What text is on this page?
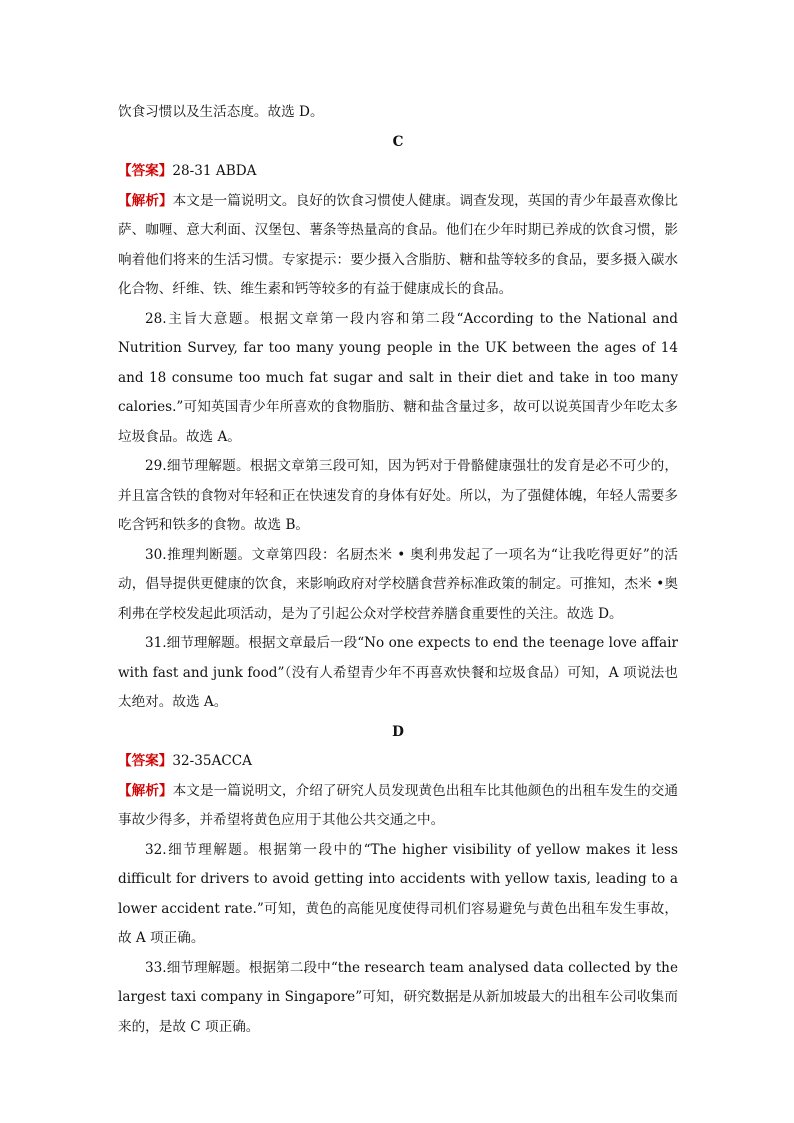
饮食习惯以及生活态度。故选 D。

C

【答案】28-31 ABDA

【解析】本文是一篇说明文。良好的饮食习惯使人健康。调查发现，英国的青少年最喜欢像比萨、咖喱、意大利面、汉堡包、薯条等热量高的食品。他们在少年时期已养成的饮食习惯，影响着他们将来的生活习惯。专家提示：要少摄入含脂肪、糖和盐等较多的食品，要多摄入碳水化合物、纤维、铁、维生素和钙等较多的有益于健康成长的食品。

28.主旨大意题。根据文章第一段内容和第二段“According to the National and Nutrition Survey, far too many young people in the UK between the ages of 14 and 18 consume too much fat sugar and salt in their diet and take in too many calories.”可知英国青少年所喜欢的食物脂肪、糖和盐含量过多，故可以说英国青少年吃太多垃圾食品。故选 A。

29.细节理解题。根据文章第三段可知，因为钙对于骨骼健康强壮的发育是必不可少的，并且富含铁的食物对年轻和正在快速发育的身体有好处。所以，为了强健体魄，年轻人需要多吃含钙和铁多的食物。故选 B。

30.推理判断题。文章第四段：名厨杰米 • 奥利弗发起了一项名为“让我吃得更好”的活动，倡导提供更健康的饮食，来影响政府对学校膳食营养标准政策的制定。可推知，杰米 •奥利弗在学校发起此项活动，是为了引起公众对学校营养膳食重要性的关注。故选 D。

31.细节理解题。根据文章最后一段“No one expects to end the teenage love affair with fast and junk food”（没有人希望青少年不再喜欢快餐和垃圾食品）可知，A 项说法也太绝对。故选 A。

D

【答案】32-35ACCA

【解析】本文是一篇说明文，介绍了研究人员发现黄色出租车比其他颜色的出租车发生的交通事故少得多，并希望将黄色应用于其他公共交通之中。

32.细节理解题。根据第一段中的“The higher visibility of yellow makes it less difficult for drivers to avoid getting into accidents with yellow taxis, leading to a lower accident rate.”可知，黄色的高能见度使得司机们容易避免与黄色出租车发生事故，故 A 项正确。

33.细节理解题。根据第二段中“the research team analysed data collected by the largest taxi company in Singapore”可知，研究数据是从新加坡最大的出租车公司收集而来的，是故 C 项正确。
